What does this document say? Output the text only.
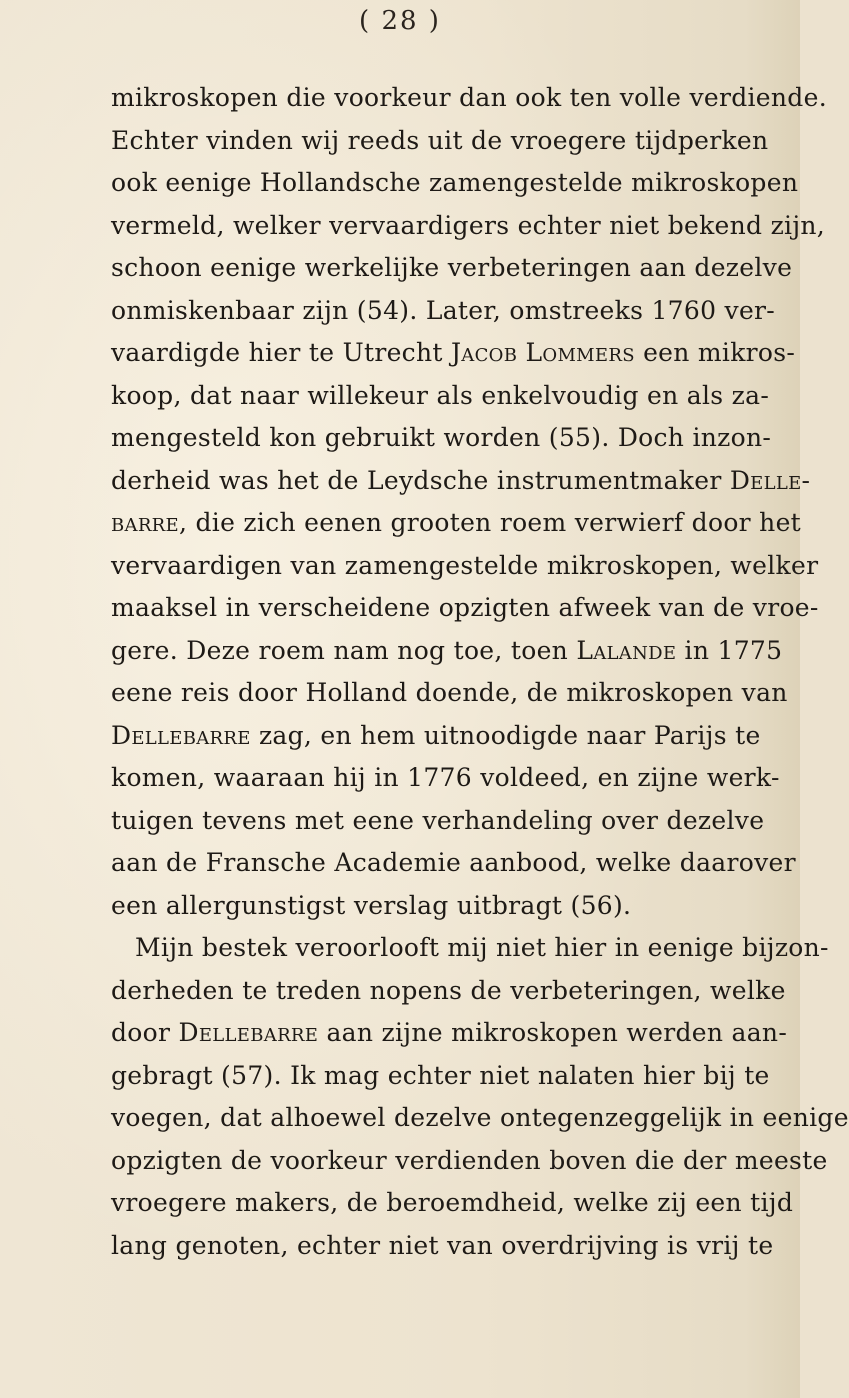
( 28 )
mikroskopen die voorkeur dan ook ten volle verdiende.
Echter vinden wij reeds uit de vroegere tijdperken
ook eenige Hollandsche zamengestelde mikroskopen
vermeld, welker vervaardigers echter niet bekend zijn,
schoon eenige werkelijke verbeteringen aan dezelve
onmiskenbaar zijn (54). Later, omstreeks 1760 ver-
vaardigde hier te Utrecht Jacob Lommers een mikros-
koop, dat naar willekeur als enkelvoudig en als za-
mengesteld kon gebruikt worden (55). Doch inzon-
derheid was het de Leydsche instrumentmaker Delle-
barre, die zich eenen grooten roem verwierf door het
vervaardigen van zamengestelde mikroskopen, welker
maaksel in verscheidene opzigten afweek van de vroe-
gere. Deze roem nam nog toe, toen Lalande in 1775
eene reis door Holland doende, de mikroskopen van
Dellebarre zag, en hem uitnoodigde naar Parijs te
komen, waaraan hij in 1776 voldeed, en zijne werk-
tuigen tevens met eene verhandeling over dezelve
aan de Fransche Academie aanbood, welke daarover
een allergunstigst verslag uitbragt (56).
Mijn bestek veroorlooft mij niet hier in eenige bijzon-
derheden te treden nopens de verbeteringen, welke
door Dellebarre aan zijne mikroskopen werden aan-
gebragt (57). Ik mag echter niet nalaten hier bij te
voegen, dat alhoewel dezelve ontegenzeggelijk in eenige
opzigten de voorkeur verdienden boven die der meeste
vroegere makers, de beroemdheid, welke zij een tijd
lang genoten, echter niet van overdrijving is vrij te
